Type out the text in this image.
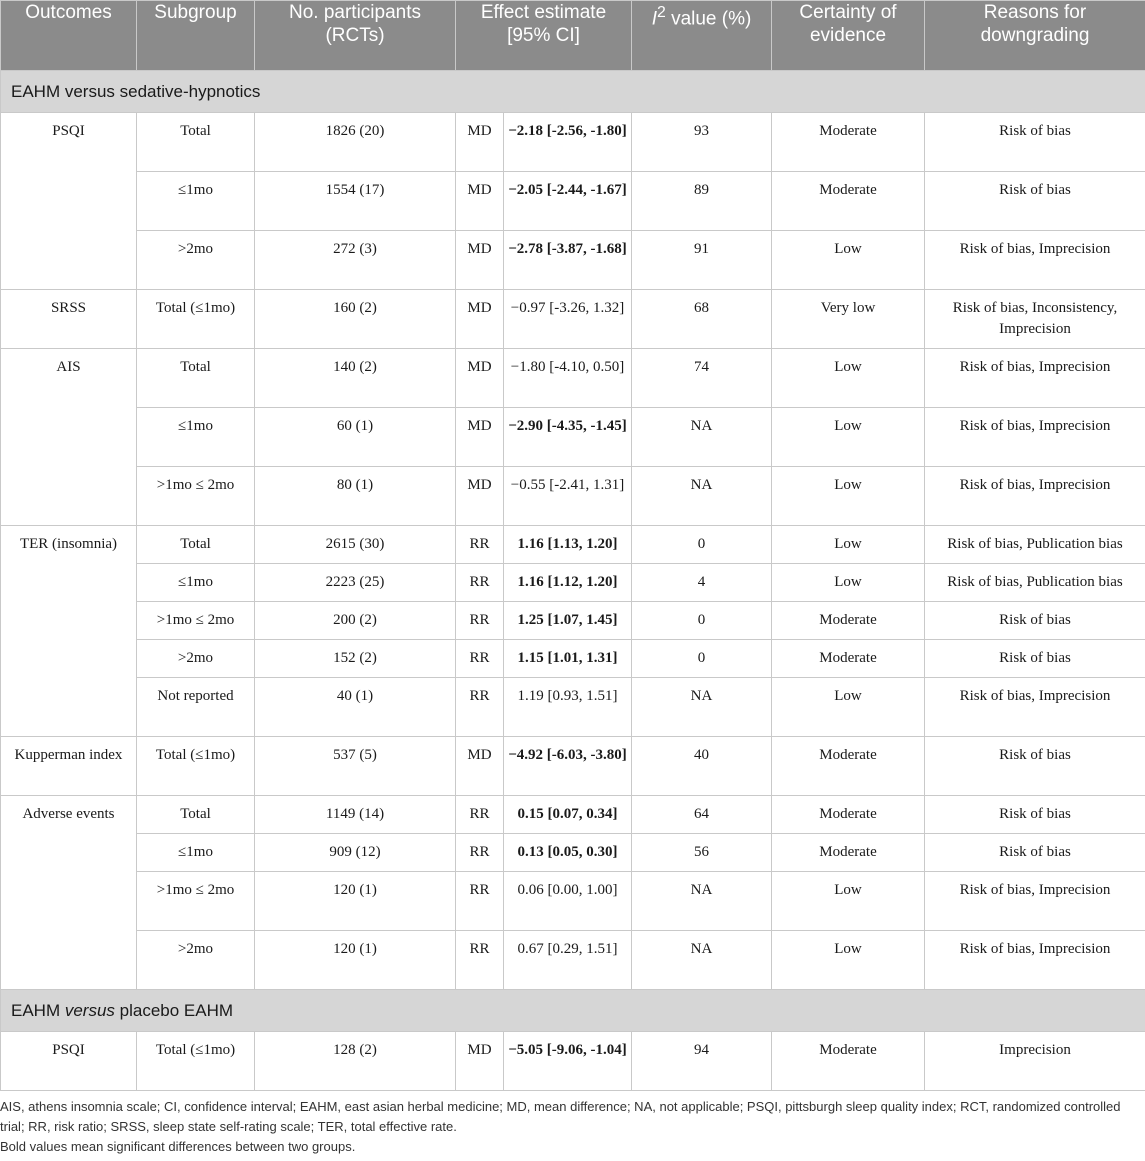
Outcomes	Subgroup	No. participants (RCTs)	Effect estimate [95% CI]		$I^2$ value (%)	Certainty of evidence	Reasons for downgrading
EAHM versus sedative-hypnotics							
PSQI	Total	1826 (20)	MD	−2.18 [-2.56, -1.80]	93	Moderate	Risk of bias
	≤1mo	1554 (17)	MD	−2.05 [-2.44, -1.67]	89	Moderate	Risk of bias
	>2mo	272 (3)	MD	−2.78 [-3.87, -1.68]	91	Low	Risk of bias, Imprecision
SRSS	Total (≤1mo)	160 (2)	MD	−0.97 [-3.26, 1.32]	68	Very low	Risk of bias, Inconsistency, Imprecision
AIS	Total	140 (2)	MD	−1.80 [-4.10, 0.50]	74	Low	Risk of bias, Imprecision
	≤1mo	60 (1)	MD	−2.90 [-4.35, -1.45]	NA	Low	Risk of bias, Imprecision
	>1mo ≤ 2mo	80 (1)	MD	−0.55 [-2.41, 1.31]	NA	Low	Risk of bias, Imprecision
TER (insomnia)	Total	2615 (30)	RR	1.16 [1.13, 1.20]	0	Low	Risk of bias, Publication bias
	≤1mo	2223 (25)	RR	1.16 [1.12, 1.20]	4	Low	Risk of bias, Publication bias
	>1mo ≤ 2mo	200 (2)	RR	1.25 [1.07, 1.45]	0	Moderate	Risk of bias
	>2mo	152 (2)	RR	1.15 [1.01, 1.31]	0	Moderate	Risk of bias
	Not reported	40 (1)	RR	1.19 [0.93, 1.51]	NA	Low	Risk of bias, Imprecision
Kupperman index	Total (≤1mo)	537 (5)	MD	−4.92 [-6.03, -3.80]	40	Moderate	Risk of bias
Adverse events	Total	1149 (14)	RR	0.15 [0.07, 0.34]	64	Moderate	Risk of bias
	≤1mo	909 (12)	RR	0.13 [0.05, 0.30]	56	Moderate	Risk of bias
	>1mo ≤ 2mo	120 (1)	RR	0.06 [0.00, 1.00]	NA	Low	Risk of bias, Imprecision
	>2mo	120 (1)	RR	0.67 [0.29, 1.51]	NA	Low	Risk of bias, Imprecision
EAHM versus placebo EAHM							
PSQI	Total (≤1mo)	128 (2)	MD	−5.05 [-9.06, -1.04]	94	Moderate	Imprecision

AIS, athens insomnia scale; CI, confidence interval; EAHM, east asian herbal medicine; MD, mean difference; NA, not applicable; PSQI, pittsburgh sleep quality index; RCT, randomized controlled trial; RR, risk ratio; SRSS, sleep state self-rating scale; TER, total effective rate.

Bold values mean significant differences between two groups.
